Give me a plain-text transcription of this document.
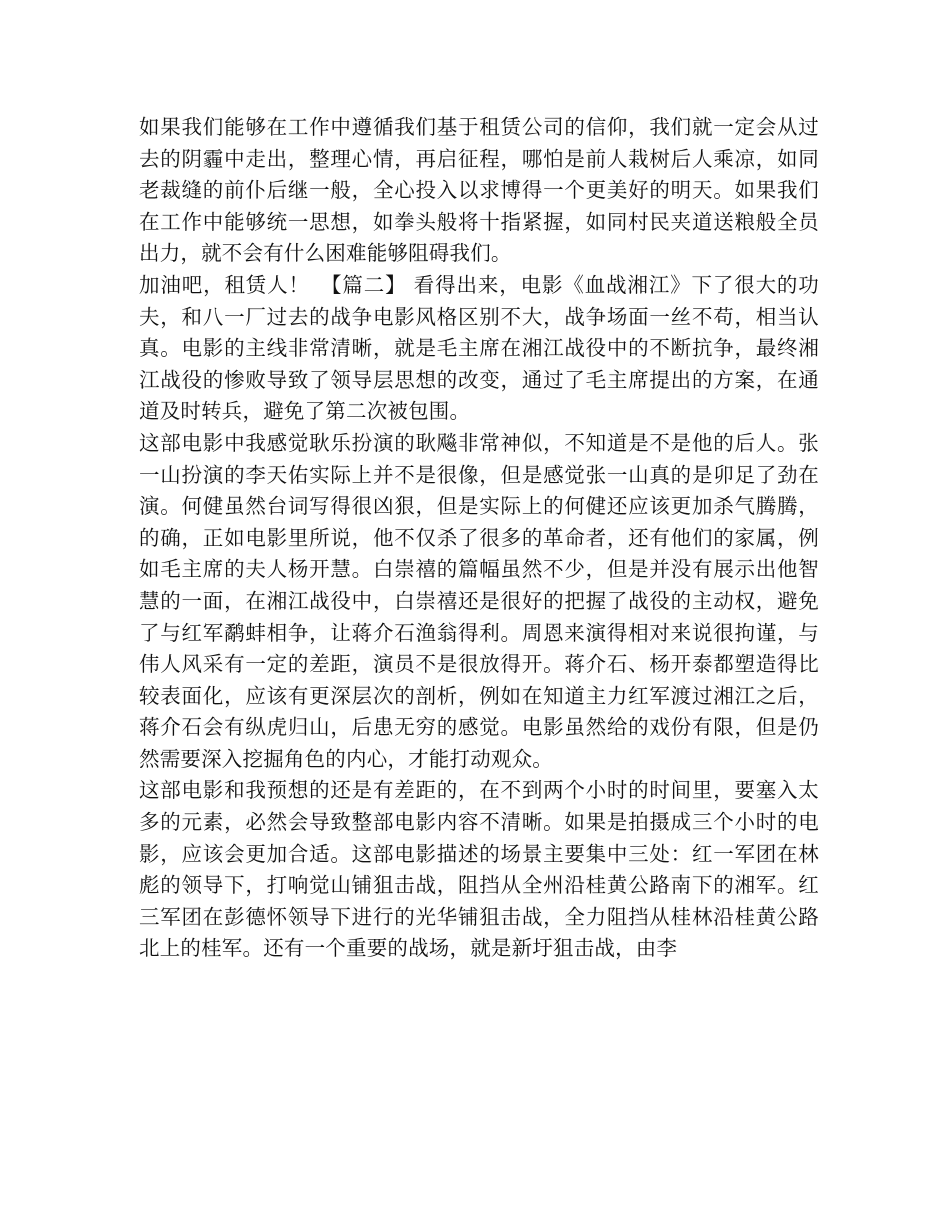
如果我们能够在工作中遵循我们基于租赁公司的信仰，我们就一定会从过去的阴霾中走出，整理心情，再启征程，哪怕是前人栽树后人乘凉，如同老裁缝的前仆后继一般，全心投入以求博得一个更美好的明天。如果我们在工作中能够统一思想，如拳头般将十指紧握，如同村民夹道送粮般全员出力，就不会有什么困难能够阻碍我们。

加油吧，租赁人！　【篇二】 看得出来，电影《血战湘江》下了很大的功夫，和八一厂过去的战争电影风格区别不大，战争场面一丝不苟，相当认真。电影的主线非常清晰，就是毛主席在湘江战役中的不断抗争，最终湘江战役的惨败导致了领导层思想的改变，通过了毛主席提出的方案，在通道及时转兵，避免了第二次被包围。

这部电影中我感觉耿乐扮演的耿飚非常神似，不知道是不是他的后人。张一山扮演的李天佑实际上并不是很像，但是感觉张一山真的是卯足了劲在演。何健虽然台词写得很凶狠，但是实际上的何健还应该更加杀气腾腾，的确，正如电影里所说，他不仅杀了很多的革命者，还有他们的家属，例如毛主席的夫人杨开慧。白崇禧的篇幅虽然不少，但是并没有展示出他智慧的一面，在湘江战役中，白崇禧还是很好的把握了战役的主动权，避免了与红军鹬蚌相争，让蒋介石渔翁得利。周恩来演得相对来说很拘谨，与伟人风采有一定的差距，演员不是很放得开。蒋介石、杨开泰都塑造得比较表面化，应该有更深层次的剖析，例如在知道主力红军渡过湘江之后，蒋介石会有纵虎归山，后患无穷的感觉。电影虽然给的戏份有限，但是仍然需要深入挖掘角色的内心，才能打动观众。

这部电影和我预想的还是有差距的，在不到两个小时的时间里，要塞入太多的元素，必然会导致整部电影内容不清晰。如果是拍摄成三个小时的电影，应该会更加合适。这部电影描述的场景主要集中三处：红一军团在林彪的领导下，打响觉山铺狙击战，阻挡从全州沿桂黄公路南下的湘军。红三军团在彭德怀领导下进行的光华铺狙击战，全力阻挡从桂林沿桂黄公路北上的桂军。还有一个重要的战场，就是新圩狙击战，由李
